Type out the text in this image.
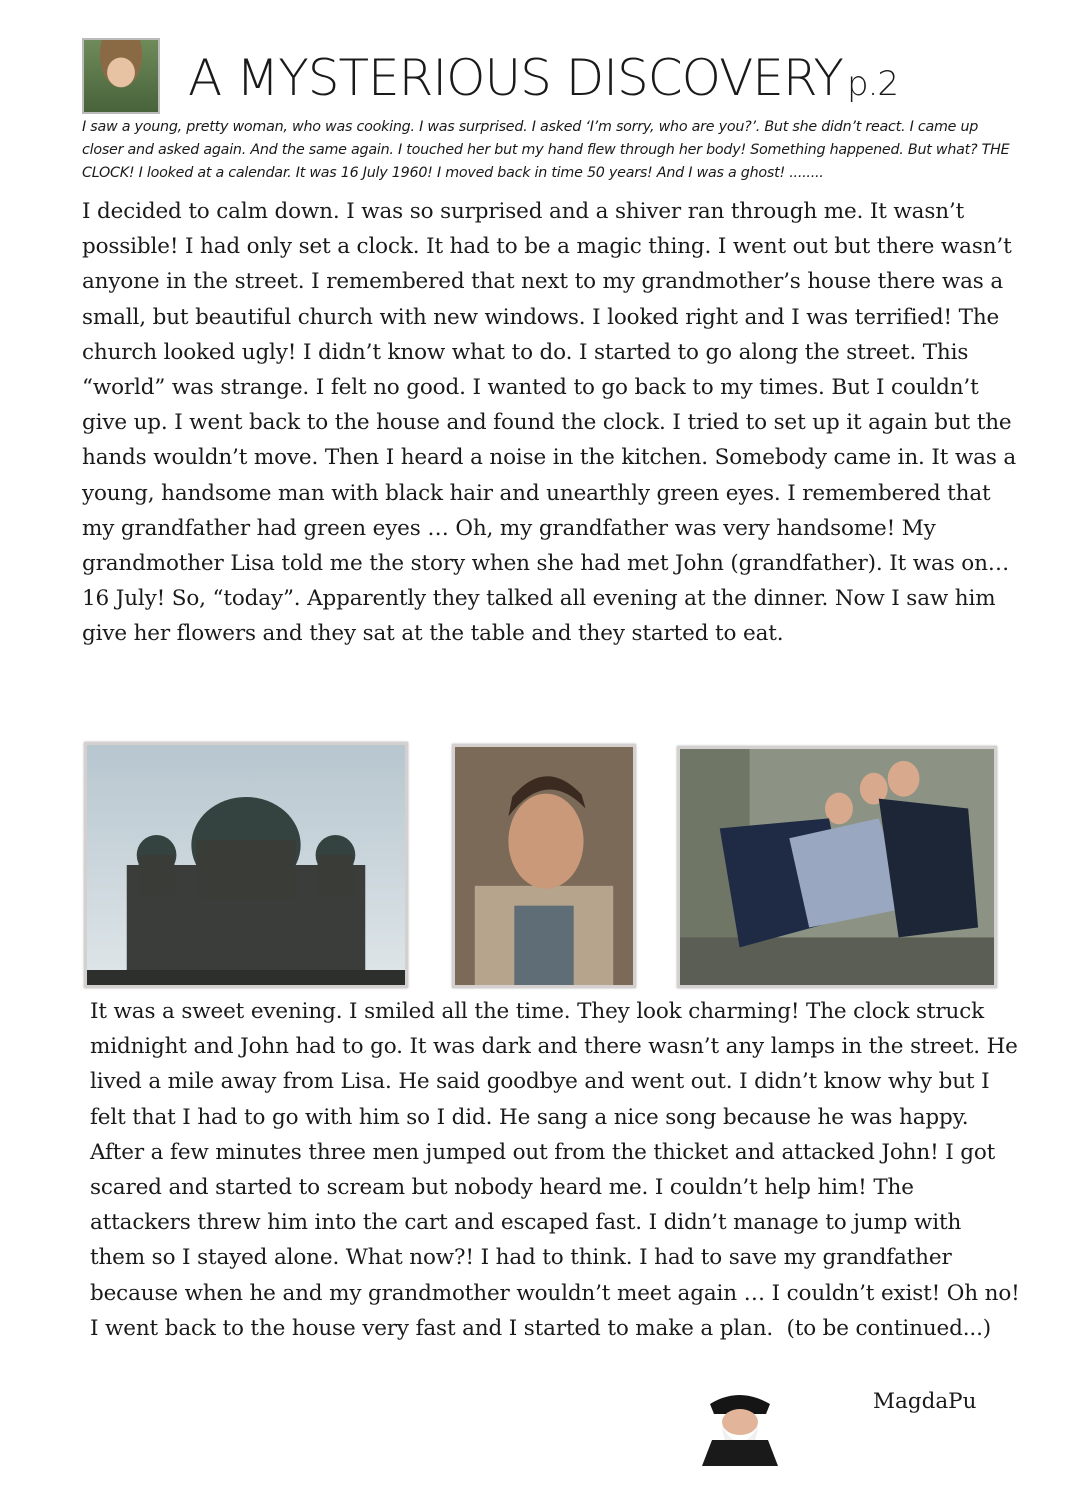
A MYSTERIOUS DISCOVERY p.2
I saw a young, pretty woman, who was cooking. I was surprised. I asked ‘I’m sorry, who are you?’. But she didn’t react. I came up closer and asked again. And the same again. I touched her but my hand flew through her body! Something happened. But what? THE CLOCK! I looked at a calendar. It was 16 July 1960! I moved back in time 50 years! And I was a ghost! ........
I decided to calm down. I was so surprised and a shiver ran through me. It wasn’t possible! I had only set a clock. It had to be a magic thing. I went out but there wasn’t anyone in the street. I remembered that next to my grandmother’s house there was a small, but beautiful church with new windows. I looked right and I was terrified! The church looked ugly! I didn’t know what to do. I started to go along the street. This “world” was strange. I felt no good. I wanted to go back to my times. But I couldn’t give up. I went back to the house and found the clock. I tried to set up it again but the hands wouldn’t move. Then I heard a noise in the kitchen. Somebody came in. It was a young, handsome man with black hair and unearthly green eyes. I remembered that my grandfather had green eyes … Oh, my grandfather was very handsome! My grandmother Lisa told me the story when she had met John (grandfather). It was on… 16 July! So, “today”. Apparently they talked all evening at the dinner. Now I saw him give her flowers and they sat at the table and they started to eat.
It was a sweet evening. I smiled all the time. They look charming! The clock struck midnight and John had to go. It was dark and there wasn’t any lamps in the street. He lived a mile away from Lisa. He said goodbye and went out. I didn’t know why but I felt that I had to go with him so I did. He sang a nice song because he was happy. After a few minutes three men jumped out from the thicket and attacked John! I got scared and started to scream but nobody heard me. I couldn’t help him! The attackers threw him into the cart and escaped fast. I didn’t manage to jump with them so I stayed alone. What now?! I had to think. I had to save my grandfather because when he and my grandmother wouldn’t meet again … I couldn’t exist! Oh no! I went back to the house very fast and I started to make a plan. (to be continued...)
MagdaPu
